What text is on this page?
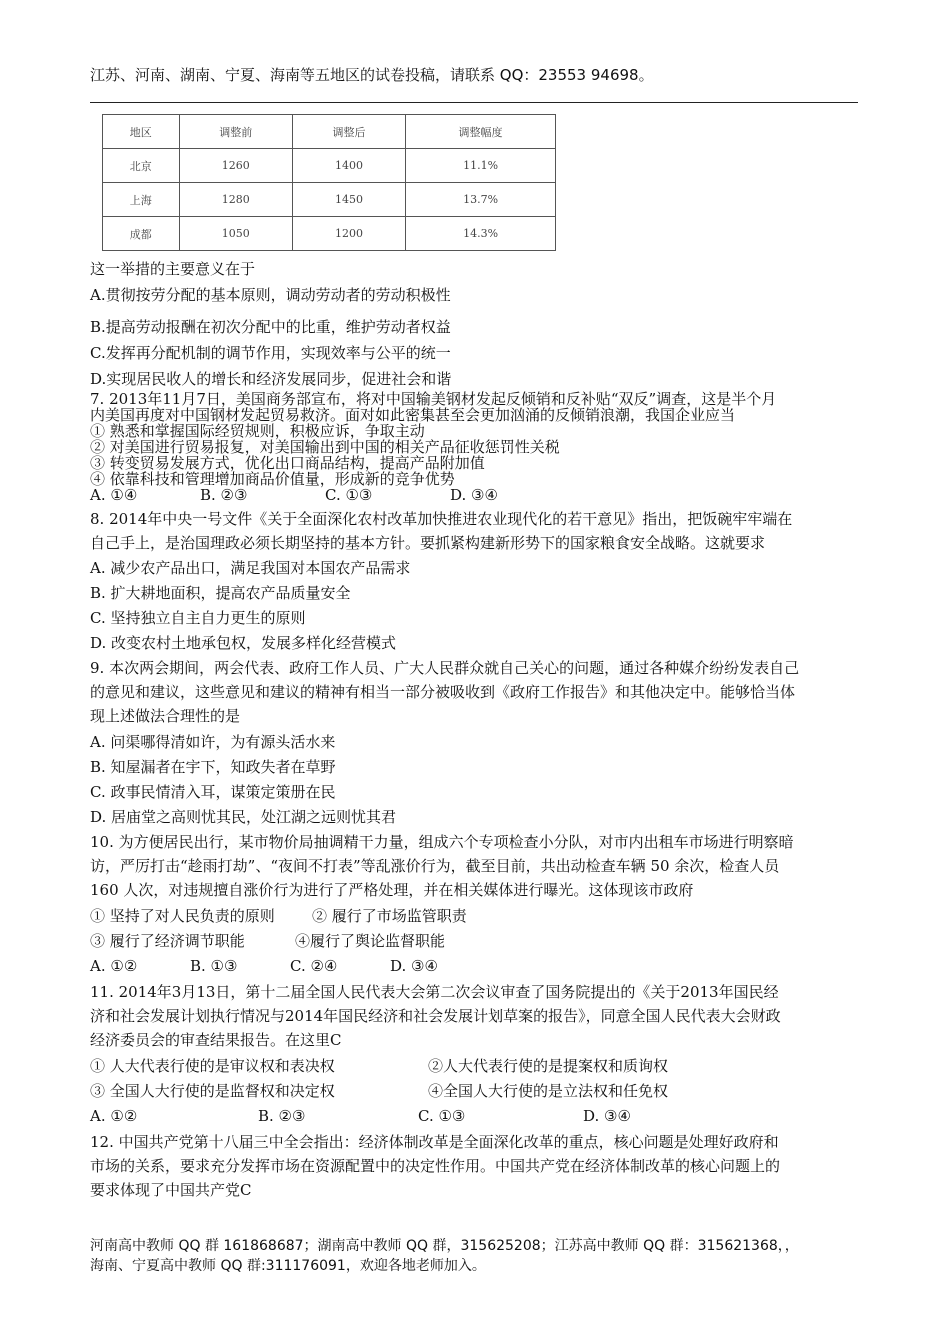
江苏、河南、湖南、宁夏、海南等五地区的试卷投稿，请联系 QQ：23553 94698。
地区	调整前	调整后	调整幅度
北京	1260	1400	11.1%
上海	1280	1450	13.7%
成都	1050	1200	14.3%
这一举措的主要意义在于
A.贯彻按劳分配的基本原则，调动劳动者的劳动积极性
B.提高劳动报酬在初次分配中的比重，维护劳动者权益
C.发挥再分配机制的调节作用，实现效率与公平的统一
D.实现居民收人的增长和经济发展同步，促进社会和谐
7. 2013年11月7日，美国商务部宣布，将对中国输美钢材发起反倾销和反补贴“双反”调查，这是半个月
内美国再度对中国钢材发起贸易救济。面对如此密集甚至会更加汹涌的反倾销浪潮，我国企业应当
① 熟悉和掌握国际经贸规则，积极应诉，争取主动
② 对美国进行贸易报复，对美国输出到中国的相关产品征收惩罚性关税
③ 转变贸易发展方式，优化出口商品结构，提高产品附加值
④ 依靠科技和管理增加商品价值量，形成新的竞争优势
A. ①④	B. ②③	C. ①③	D. ③④
8. 2014年中央一号文件《关于全面深化农村改革加快推进农业现代化的若干意见》指出，把饭碗牢牢端在
自己手上，是治国理政必须长期坚持的基本方针。要抓紧构建新形势下的国家粮食安全战略。这就要求
A. 减少农产品出口，满足我国对本国农产品需求
B. 扩大耕地面积，提高农产品质量安全
C. 坚持独立自主自力更生的原则
D. 改变农村土地承包权，发展多样化经营模式
9. 本次两会期间，两会代表、政府工作人员、广大人民群众就自己关心的问题，通过各种媒介纷纷发表自己
的意见和建议，这些意见和建议的精神有相当一部分被吸收到《政府工作报告》和其他决定中。能够恰当体
现上述做法合理性的是
A. 问渠哪得清如许，为有源头活水来
B. 知屋漏者在宇下，知政失者在草野
C. 政事民情清入耳，谋策定策册在民
D. 居庙堂之高则忧其民，处江湖之远则忧其君
10. 为方便居民出行，某市物价局抽调精干力量，组成六个专项检查小分队，对市内出租车市场进行明察暗
访，严厉打击“趁雨打劫”、“夜间不打表”等乱涨价行为，截至目前，共出动检查车辆 50 余次，检查人员
160 人次，对违规擅自涨价行为进行了严格处理，并在相关媒体进行曝光。这体现该市政府
① 坚持了对人民负责的原则 ② 履行了市场监管职责
③ 履行了经济调节职能	④履行了舆论监督职能
A. ①②	B. ①③	C. ②④	D. ③④
11. 2014年3月13日，第十二届全国人民代表大会第二次会议审查了国务院提出的《关于2013年国民经
济和社会发展计划执行情况与2014年国民经济和社会发展计划草案的报告》，同意全国人民代表大会财政
经济委员会的审查结果报告。在这里C
① 人大代表行使的是审议权和表决权	②人大代表行使的是提案权和质询权
③ 全国人大行使的是监督权和决定权	④全国人大行使的是立法权和任免权
A. ①②	B. ②③	C. ①③	D. ③④
12. 中国共产党第十八届三中全会指出：经济体制改革是全面深化改革的重点，核心问题是处理好政府和
市场的关系，要求充分发挥市场在资源配置中的决定性作用。中国共产党在经济体制改革的核心问题上的
要求体现了中国共产党C
河南高中教师 QQ 群 161868687；湖南高中教师 QQ 群，315625208；江苏高中教师 QQ 群：315621368，，
海南、宁夏高中教师 QQ 群:311176091，欢迎各地老师加入。
